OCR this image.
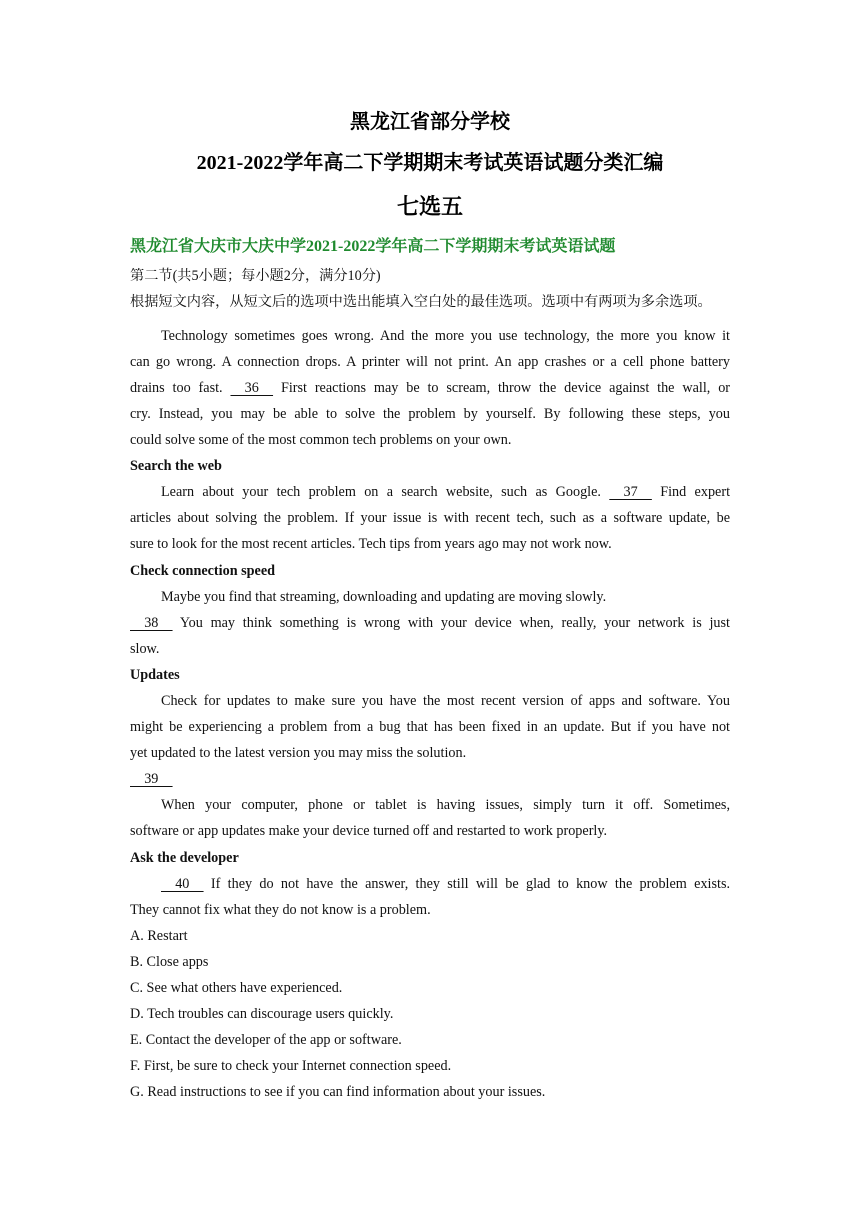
黑龙江省部分学校
2021-2022学年高二下学期期末考试英语试题分类汇编
七选五
黑龙江省大庆市大庆中学2021-2022学年高二下学期期末考试英语试题
第二节(共5小题；每小题2分，满分10分)
根据短文内容，从短文后的选项中选出能填入空白处的最佳选项。选项中有两项为多余选项。
Technology sometimes goes wrong. And the more you use technology, the more you know it
can go wrong. A connection drops. A printer will not print. An app crashes or a cell phone battery
drains too fast.     36     First reactions may be to scream, throw the device against the wall, or
cry. Instead, you may be able to solve the problem by yourself. By following these steps, you
could solve some of the most common tech problems on your own.
Search the web
Learn about your tech problem on a search website, such as Google.     37     Find expert
articles about solving the problem. If your issue is with recent tech, such as a software update, be
sure to look for the most recent articles. Tech tips from years ago may not work now.
Check connection speed
Maybe you find that streaming, downloading and updating are moving slowly.
38     You may think something is wrong with your device when, really, your network is just
slow.
Updates
Check for updates to make sure you have the most recent version of apps and software. You
might be experiencing a problem from a bug that has been fixed in an update. But if you have not
yet updated to the latest version you may miss the solution.
39
When your computer, phone or tablet is having issues, simply turn it off. Sometimes,
software or app updates make your device turned off and restarted to work properly.
Ask the developer
40     If they do not have the answer, they still will be glad to know the problem exists.
They cannot fix what they do not know is a problem.
A. Restart
B. Close apps
C. See what others have experienced.
D. Tech troubles can discourage users quickly.
E. Contact the developer of the app or software.
F. First, be sure to check your Internet connection speed.
G. Read instructions to see if you can find information about your issues.
